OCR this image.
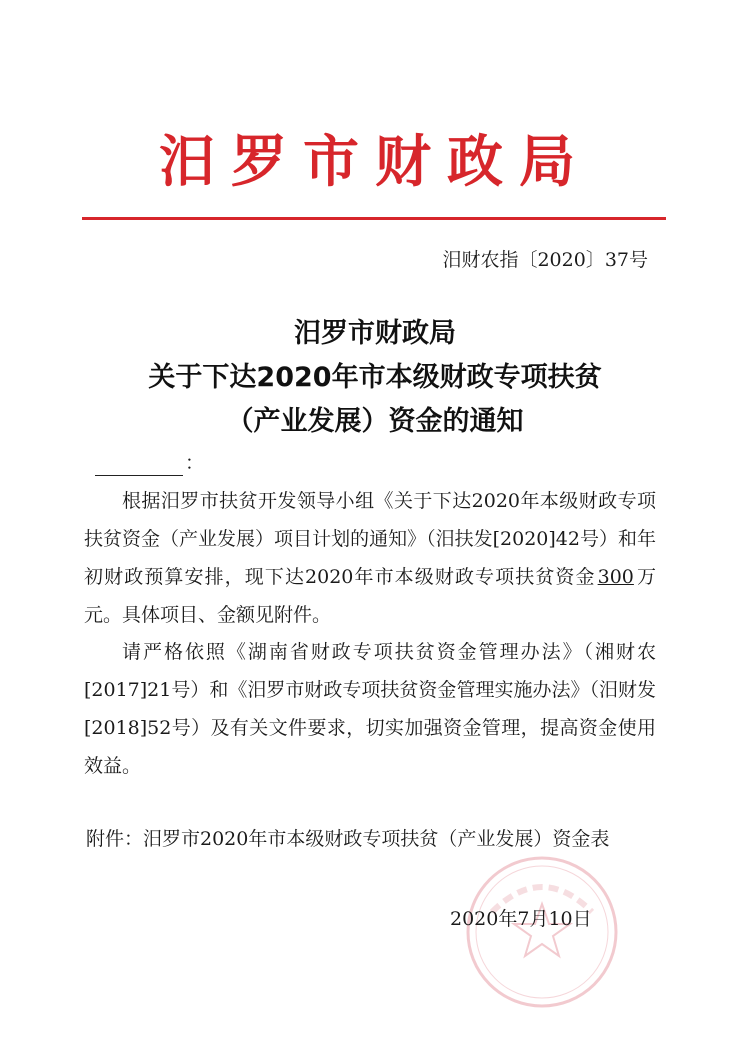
汨罗市财政局
汨财农指〔2020〕37号
汨罗市财政局
关于下达2020年市本级财政专项扶贫
（产业发展）资金的通知
：

根据汨罗市扶贫开发领导小组《关于下达2020年本级财政专项扶贫资金（产业发展）项目计划的通知》（汨扶发[2020]42号）和年初财政预算安排，现下达2020年市本级财政专项扶贫资金 300 万元。具体项目、金额见附件。

请严格依照《湖南省财政专项扶贫资金管理办法》（湘财农[2017]21号）和《汨罗市财政专项扶贫资金管理实施办法》（汨财发[2018]52号）及有关文件要求，切实加强资金管理，提高资金使用效益。

附件：汨罗市2020年市本级财政专项扶贫（产业发展）资金表
2020年7月10日
